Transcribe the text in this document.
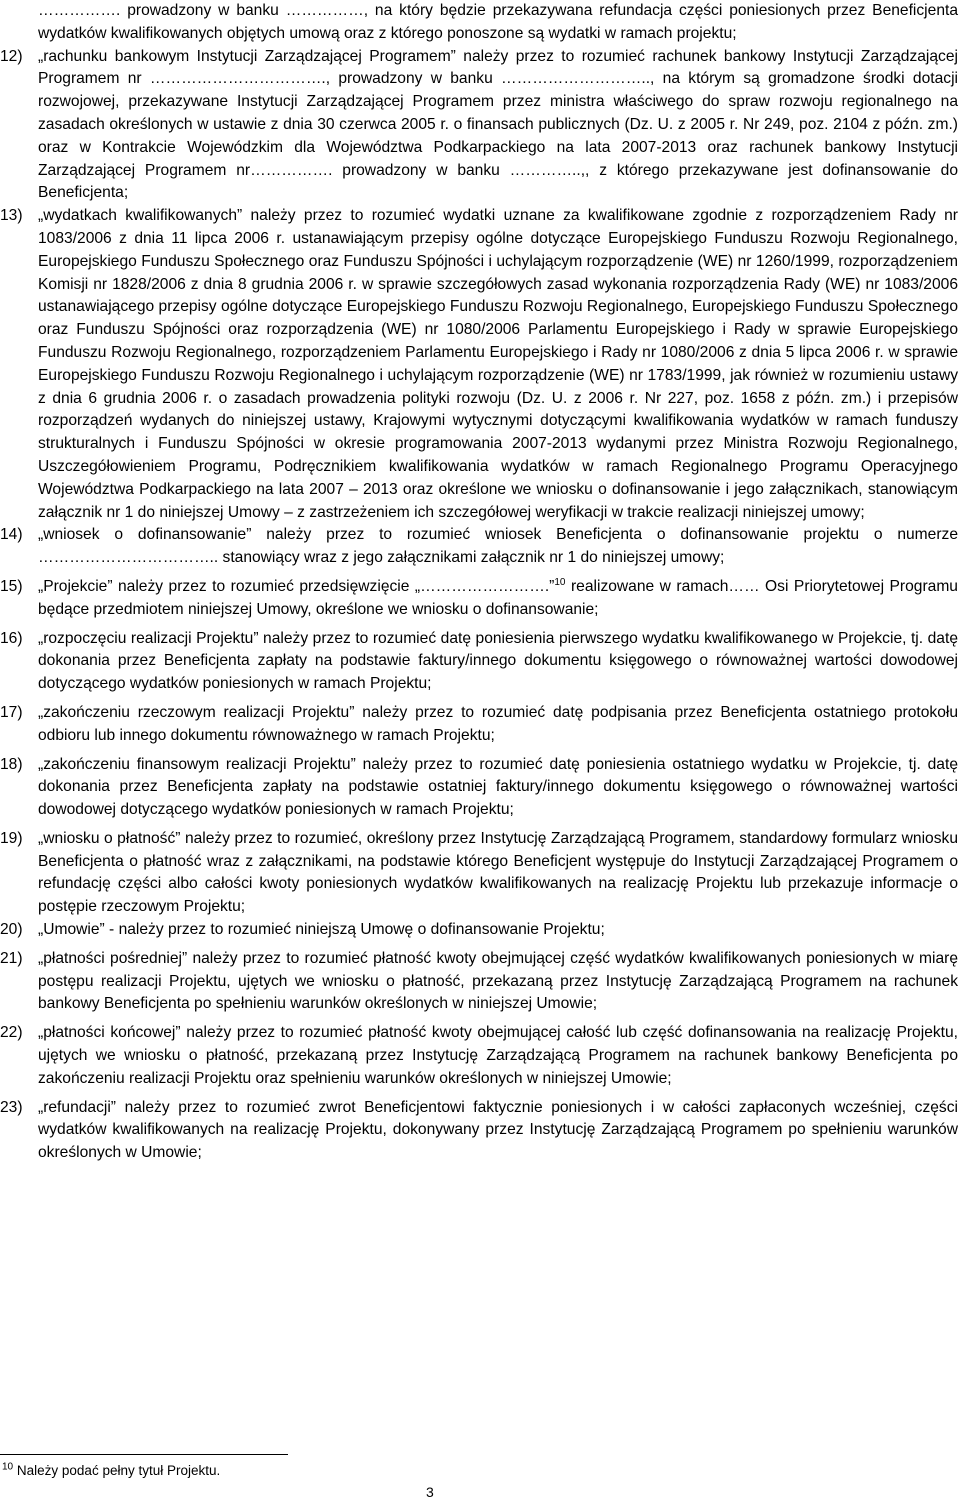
……………. prowadzony w banku ……………, na który będzie przekazywana refundacja części poniesionych przez Beneficjenta wydatków kwalifikowanych objętych umową oraz z którego ponoszone są wydatki w ramach projektu;

12) „rachunku bankowym Instytucji Zarządzającej Programem” należy przez to rozumieć rachunek bankowy Instytucji Zarządzającej Programem nr ……………………………., prowadzony w banku ……………………….., na którym są gromadzone środki dotacji rozwojowej, przekazywane Instytucji Zarządzającej Programem przez ministra właściwego do spraw rozwoju regionalnego na zasadach określonych w ustawie z dnia 30 czerwca 2005 r. o finansach publicznych (Dz. U. z 2005 r. Nr 249, poz. 2104 z późn. zm.) oraz w Kontrakcie Wojewódzkim dla Województwa Podkarpackiego na lata 2007-2013 oraz rachunek bankowy Instytucji Zarządzającej Programem nr……………. prowadzony w banku …………..,, z którego przekazywane jest dofinansowanie do Beneficjenta;
13) „wydatkach kwalifikowanych” należy przez to rozumieć wydatki uznane za kwalifikowane zgodnie z rozporządzeniem Rady nr 1083/2006 z dnia 11 lipca 2006 r. ustanawiającym przepisy ogólne dotyczące Europejskiego Funduszu Rozwoju Regionalnego, Europejskiego Funduszu Społecznego oraz Funduszu Spójności i uchylającym rozporządzenie (WE) nr 1260/1999, rozporządzeniem Komisji nr 1828/2006 z dnia 8 grudnia 2006 r. w sprawie szczegółowych zasad wykonania rozporządzenia Rady (WE) nr 1083/2006 ustanawiającego przepisy ogólne dotyczące Europejskiego Funduszu Rozwoju Regionalnego, Europejskiego Funduszu Społecznego oraz Funduszu Spójności oraz rozporządzenia (WE) nr 1080/2006 Parlamentu Europejskiego i Rady w sprawie Europejskiego Funduszu Rozwoju Regionalnego, rozporządzeniem Parlamentu Europejskiego i Rady nr 1080/2006 z dnia 5 lipca 2006 r. w sprawie Europejskiego Funduszu Rozwoju Regionalnego i uchylającym rozporządzenie (WE) nr 1783/1999, jak również w rozumieniu ustawy z dnia 6 grudnia 2006 r. o zasadach prowadzenia polityki rozwoju (Dz. U. z 2006 r. Nr 227, poz. 1658 z późn. zm.) i przepisów rozporządzeń wydanych do niniejszej ustawy, Krajowymi wytycznymi dotyczącymi kwalifikowania wydatków w ramach funduszy strukturalnych i Funduszu Spójności w okresie programowania 2007-2013 wydanymi przez Ministra Rozwoju Regionalnego, Uszczegółowieniem Programu, Podręcznikiem kwalifikowania wydatków w ramach Regionalnego Programu Operacyjnego Województwa Podkarpackiego na lata 2007 – 2013 oraz określone we wniosku o dofinansowanie i jego załącznikach, stanowiącym załącznik nr 1 do niniejszej Umowy – z zastrzeżeniem ich szczegółowej weryfikacji w trakcie realizacji niniejszej umowy;
14) „wniosek o dofinansowanie” należy przez to rozumieć wniosek Beneficjenta o dofinansowanie projektu o numerze …………………………….. stanowiący wraz z jego załącznikami załącznik nr 1 do niniejszej umowy;
15) „Projekcie” należy przez to rozumieć przedsięwzięcie „…………………….”$^{10}$ realizowane w ramach…… Osi Priorytetowej Programu będące przedmiotem niniejszej Umowy, określone we wniosku o dofinansowanie;
16) „rozpoczęciu realizacji Projektu” należy przez to rozumieć datę poniesienia pierwszego wydatku kwalifikowanego w Projekcie, tj. datę dokonania przez Beneficjenta zapłaty na podstawie faktury/innego dokumentu księgowego o równoważnej wartości dowodowej dotyczącego wydatków poniesionych w ramach Projektu;
17) „zakończeniu rzeczowym realizacji Projektu” należy przez to rozumieć datę podpisania przez Beneficjenta ostatniego protokołu odbioru lub innego dokumentu równoważnego w ramach Projektu;
18) „zakończeniu finansowym realizacji Projektu” należy przez to rozumieć datę poniesienia ostatniego wydatku w Projekcie, tj. datę dokonania przez Beneficjenta zapłaty na podstawie ostatniej faktury/innego dokumentu księgowego o równoważnej wartości dowodowej dotyczącego wydatków poniesionych w ramach Projektu;
19) „wniosku o płatność” należy przez to rozumieć, określony przez Instytucję Zarządzającą Programem, standardowy formularz wniosku Beneficjenta o płatność wraz z załącznikami, na podstawie którego Beneficjent występuje do Instytucji Zarządzającej Programem o refundację części albo całości kwoty poniesionych wydatków kwalifikowanych na realizację Projektu lub przekazuje informacje o postępie rzeczowym Projektu;
20) „Umowie” - należy przez to rozumieć niniejszą Umowę o dofinansowanie Projektu;
21) „płatności pośredniej” należy przez to rozumieć płatność kwoty obejmującej część wydatków kwalifikowanych poniesionych w miarę postępu realizacji Projektu, ujętych we wniosku o płatność, przekazaną przez Instytucję Zarządzającą Programem na rachunek bankowy Beneficjenta po spełnieniu warunków określonych w niniejszej Umowie;
22) „płatności końcowej” należy przez to rozumieć płatność kwoty obejmującej całość lub część dofinansowania na realizację Projektu, ujętych we wniosku o płatność, przekazaną przez Instytucję Zarządzającą Programem na rachunek bankowy Beneficjenta po zakończeniu realizacji Projektu oraz spełnieniu warunków określonych w niniejszej Umowie;
23) „refundacji” należy przez to rozumieć zwrot Beneficjentowi faktycznie poniesionych i w całości zapłaconych wcześniej, części wydatków kwalifikowanych na realizację Projektu, dokonywany przez Instytucję Zarządzającą Programem po spełnieniu warunków określonych w Umowie;
$^{10}$ Należy podać pełny tytuł Projektu.
3
